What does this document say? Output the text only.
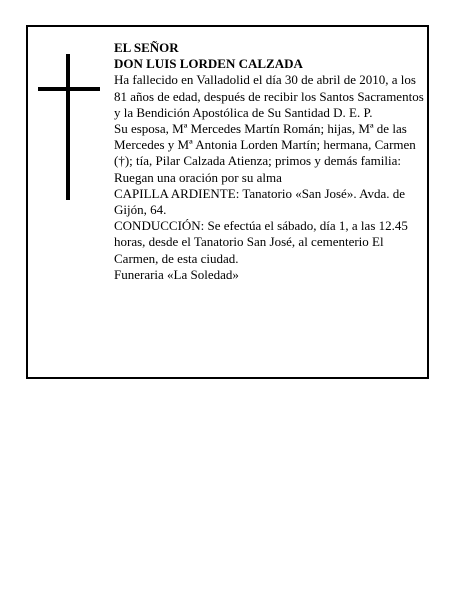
EL SEÑOR

DON LUIS LORDEN CALZADA

Ha fallecido en Valladolid el día 30 de abril de 2010, a los 81 años de edad, después de recibir los Santos Sacramentos y la Bendición Apostólica de Su Santidad D. E. P.

Su esposa, Mª Mercedes Martín Román; hijas, Mª de las Mercedes y Mª Antonia Lorden Martín; hermana, Carmen (†); tía, Pilar Calzada Atienza; primos y demás familia:

Ruegan una oración por su alma

CAPILLA ARDIENTE: Tanatorio «San José». Avda. de Gijón, 64.

CONDUCCIÓN: Se efectúa el sábado, día 1, a las 12.45 horas, desde el Tanatorio San José, al cementerio El Carmen, de esta ciudad.

Funeraria «La Soledad»
